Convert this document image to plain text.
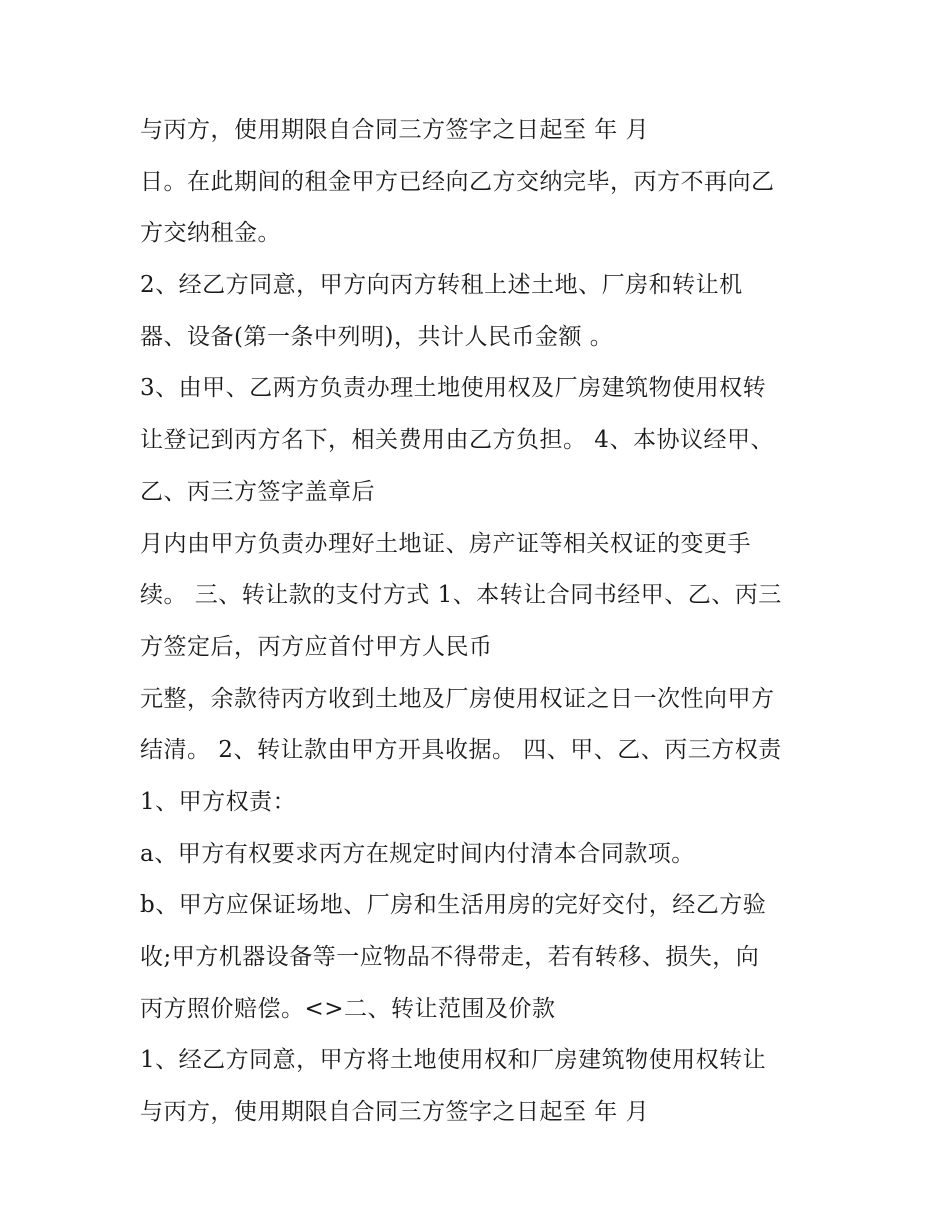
与丙方，使用期限自合同三方签字之日起至 年 月
日。在此期间的租金甲方已经向乙方交纳完毕，丙方不再向乙
方交纳租金。
2、经乙方同意，甲方向丙方转租上述土地、厂房和转让机
器、设备(第一条中列明)，共计人民币金额 。
3、由甲、乙两方负责办理土地使用权及厂房建筑物使用权转
让登记到丙方名下，相关费用由乙方负担。 4、本协议经甲、
乙、丙三方签字盖章后
月内由甲方负责办理好土地证、房产证等相关权证的变更手
续。 三、转让款的支付方式 1、本转让合同书经甲、乙、丙三
方签定后，丙方应首付甲方人民币
元整，余款待丙方收到土地及厂房使用权证之日一次性向甲方
结清。 2、转让款由甲方开具收据。 四、甲、乙、丙三方权责
1、甲方权责：
a、甲方有权要求丙方在规定时间内付清本合同款项。
b、甲方应保证场地、厂房和生活用房的完好交付，经乙方验
收;甲方机器设备等一应物品不得带走，若有转移、损失，向
丙方照价赔偿。<>二、转让范围及价款
1、经乙方同意，甲方将土地使用权和厂房建筑物使用权转让
与丙方，使用期限自合同三方签字之日起至 年 月
